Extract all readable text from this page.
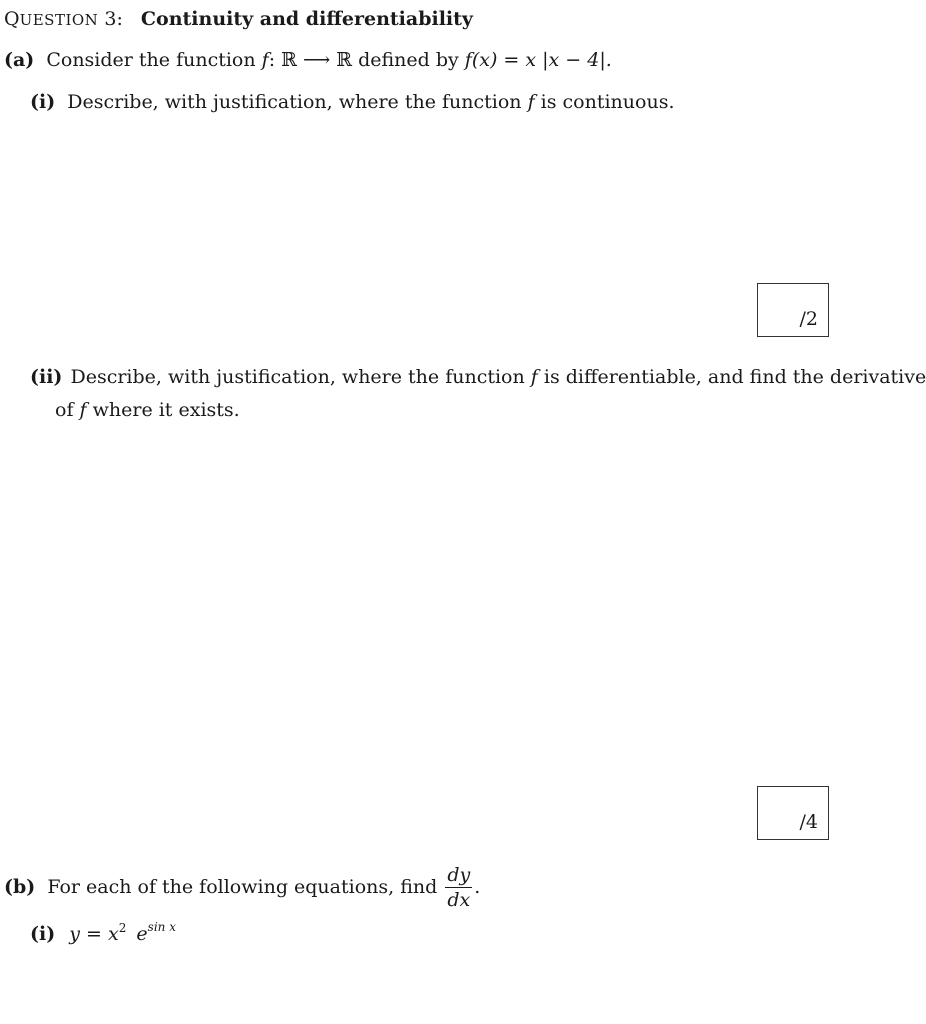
QUESTION 3: Continuity and differentiability
(a) Consider the function f: ℝ ⟶ ℝ defined by f(x) = x |x − 4|.
(i) Describe, with justification, where the function f is continuous.
/2
(ii) Describe, with justification, where the function f is differentiable, and find the derivative
of f where it exists.
/4
(b) For each of the following equations, find $\frac{dy}{dx}$ .
(i) $y = x^2$ $e^{sin x}$
